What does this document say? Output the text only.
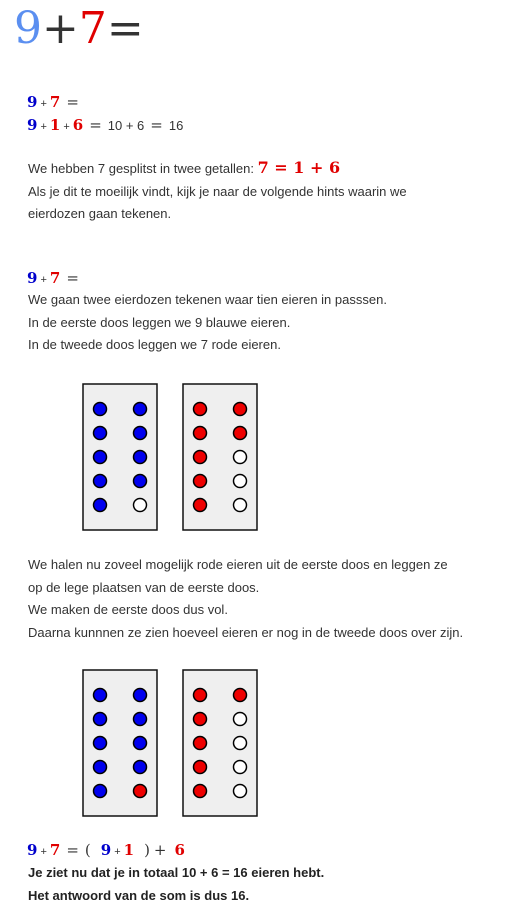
9+7=
9 + 7 =
9 + 1 + 6 = 10 + 6 = 16
We hebben 7 gesplitst in twee getallen: 7 = 1 + 6
Als je dit te moeilijk vindt, kijk je naar de volgende hints waarin we
eierdozen gaan tekenen.
9 + 7 =
We gaan twee eierdozen tekenen waar tien eieren in passsen.
In de eerste doos leggen we 9 blauwe eieren.
In de tweede doos leggen we 7 rode eieren.
We halen nu zoveel mogelijk rode eieren uit de eerste doos en leggen ze
op de lege plaatsen van de eerste doos.
We maken de eerste doos dus vol.
Daarna kunnnen ze zien hoeveel eieren er nog in de tweede doos over zijn.
9 + 7 = ( 9 + 1 ) + 6
Je ziet nu dat je in totaal 10 + 6 = 16 eieren hebt.
Het antwoord van de som is dus 16.
